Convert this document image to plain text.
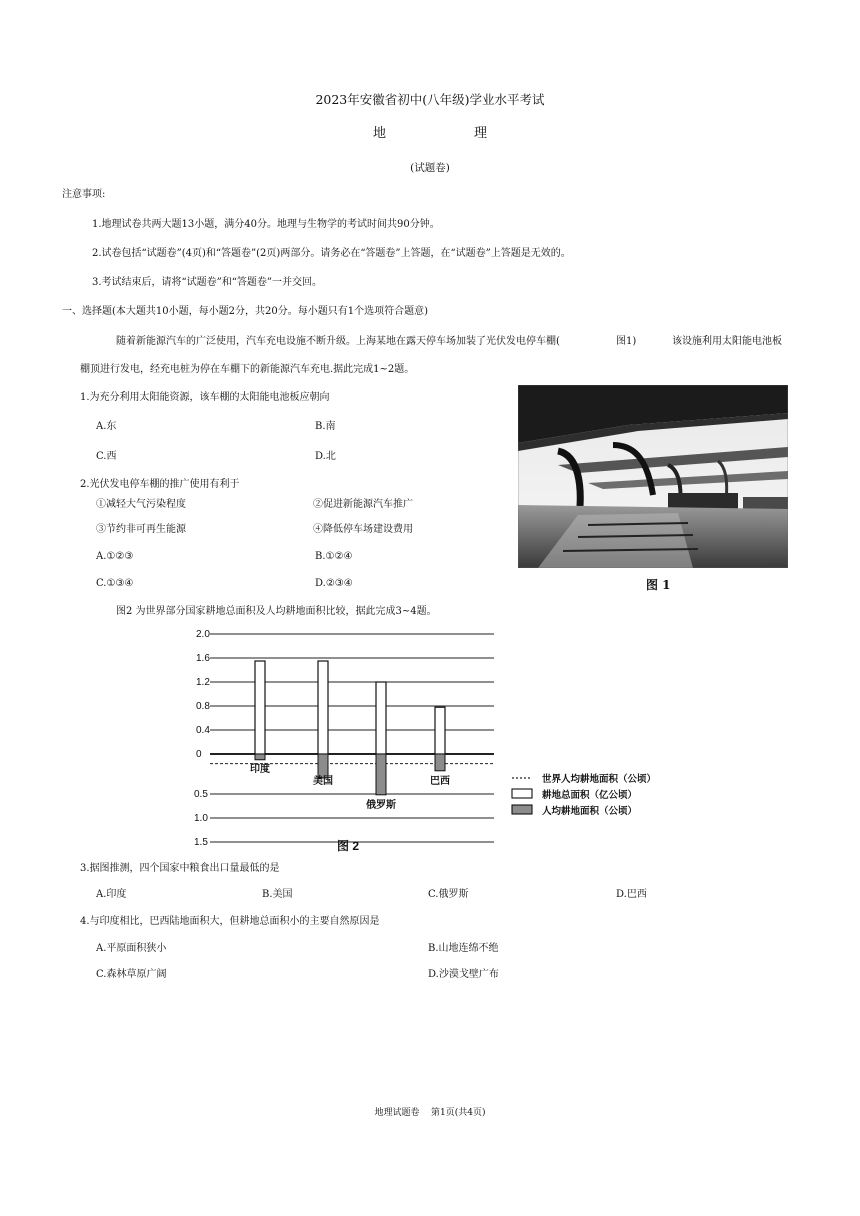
2023年安徽省初中(八年级)学业水平考试
地	理
(试题卷)
注意事项:
1.地理试卷共两大题13小题，满分40分。地理与生物学的考试时间共90分钟。
2.试卷包括“试题卷”(4页)和“答题卷”(2页)两部分。请务必在“答题卷”上答题，在“试题卷”上答题是无效的。
3.考试结束后，请将“试题卷”和“答题卷”一并交回。
一、选择题(本大题共10小题，每小题2分，共20分。每小题只有1个选项符合题意)
随着新能源汽车的广泛使用，汽车充电设施不断升级。上海某地在露天停车场加装了光伏发电停车棚(	图1)	该设施利用太阳能电池板
棚顶进行发电，经充电桩为停在车棚下的新能源汽车充电.据此完成1~2题。
1.为充分利用太阳能资源，该车棚的太阳能电池板应朝向
A.东	B.南
C.西	D.北
2.光伏发电停车棚的推广使用有利于
①减轻大气污染程度	②促进新能源汽车推广
③节约非可再生能源	④降低停车场建设费用
A.①②③	B.①②④
C.①③④	D.②③④	图 1
图2 为世界部分国家耕地总面积及人均耕地面积比较，据此完成3~4题。
2.0
1.6
1.2
0.8
0.4
0
0.5
1.0
1.5
印度
美国
俄罗斯
巴西	世界人均耕地面积（公顷）
耕地总面积（亿公顷）
人均耕地面积（公顷）
图 2
3.据图推测，四个国家中粮食出口量最低的是
A.印度	B.美国	C.俄罗斯	D.巴西
4.与印度相比，巴西陆地面积大，但耕地总面积小的主要自然原因是
A.平原面积狭小	B.山地连绵不绝
C.森林草原广阔	D.沙漠戈壁广布
地理试题卷 第1页(共4页)
